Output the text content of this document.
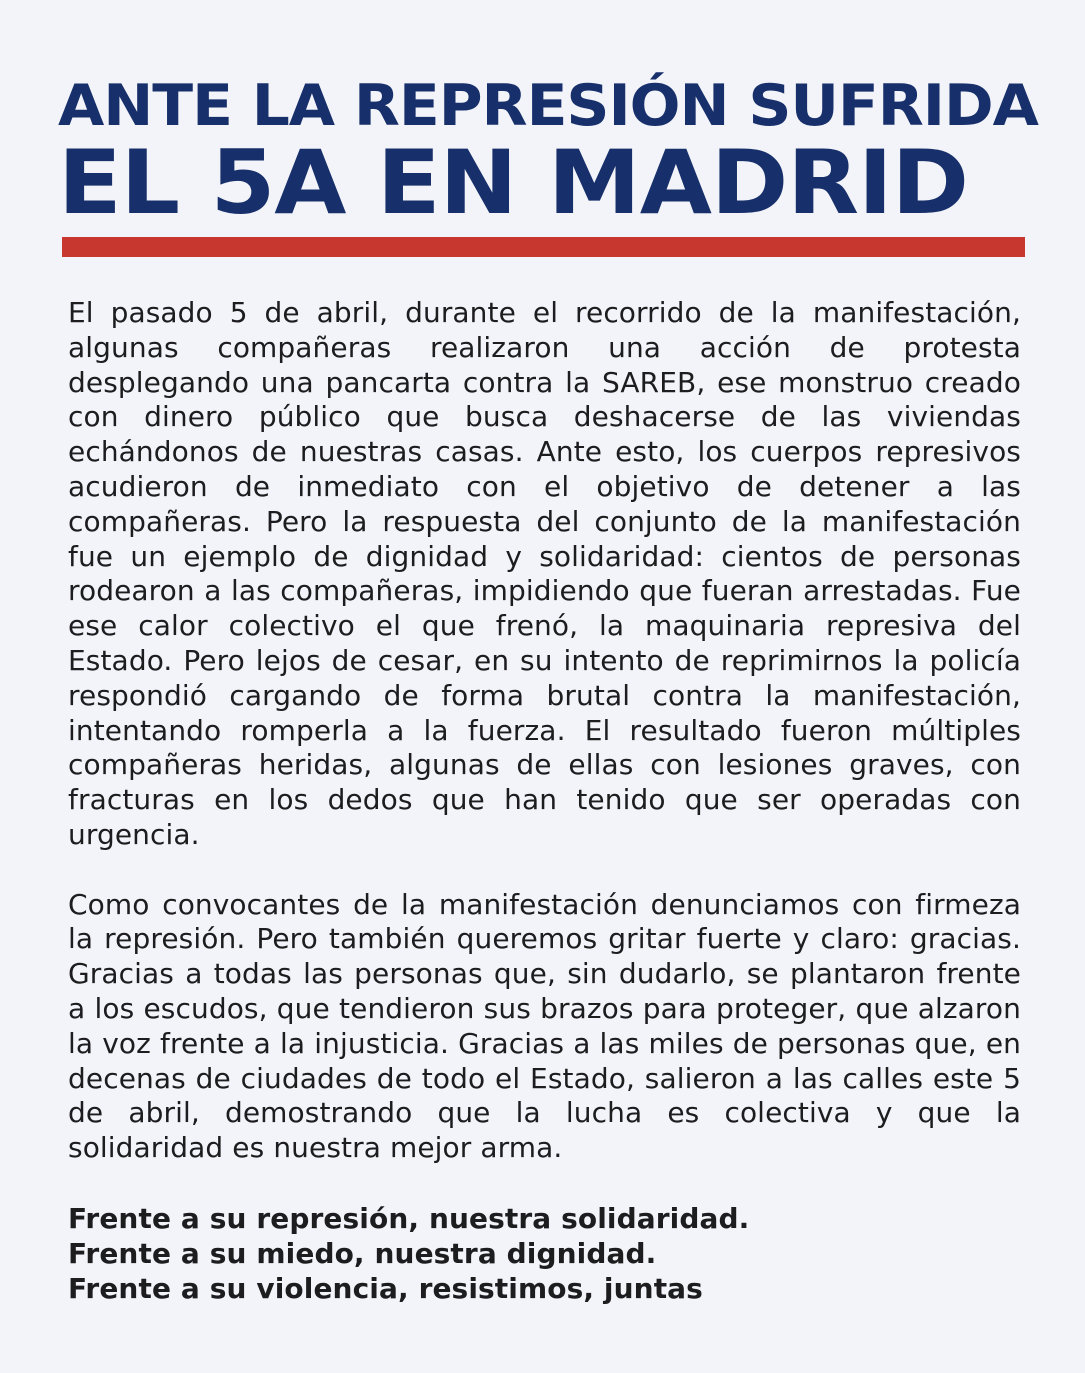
ANTE LA REPRESIÓN SUFRIDA
EL 5A EN MADRID

El pasado 5 de abril, durante el recorrido de la manifestación, algunas compañeras realizaron una acción de protesta desplegando una pancarta contra la SAREB, ese monstruo creado con dinero público que busca deshacerse de las viviendas echándonos de nuestras casas. Ante esto, los cuerpos represivos acudieron de inmediato con el objetivo de detener a las compañeras. Pero la respuesta del conjunto de la manifestación fue un ejemplo de dignidad y solidaridad: cientos de personas rodearon a las compañeras, impidiendo que fueran arrestadas. Fue ese calor colectivo el que frenó, la maquinaria represiva del Estado. Pero lejos de cesar, en su intento de reprimirnos la policía respondió cargando de forma brutal contra la manifestación, intentando romperla a la fuerza. El resultado fueron múltiples compañeras heridas, algunas de ellas con lesiones graves, con fracturas en los dedos que han tenido que ser operadas con urgencia.

Como convocantes de la manifestación denunciamos con firmeza la represión. Pero también queremos gritar fuerte y claro: gracias. Gracias a todas las personas que, sin dudarlo, se plantaron frente a los escudos, que tendieron sus brazos para proteger, que alzaron la voz frente a la injusticia. Gracias a las miles de personas que, en decenas de ciudades de todo el Estado, salieron a las calles este 5 de abril, demostrando que la lucha es colectiva y que la solidaridad es nuestra mejor arma.

Frente a su represión, nuestra solidaridad.
Frente a su miedo, nuestra dignidad.
Frente a su violencia, resistimos, juntas
